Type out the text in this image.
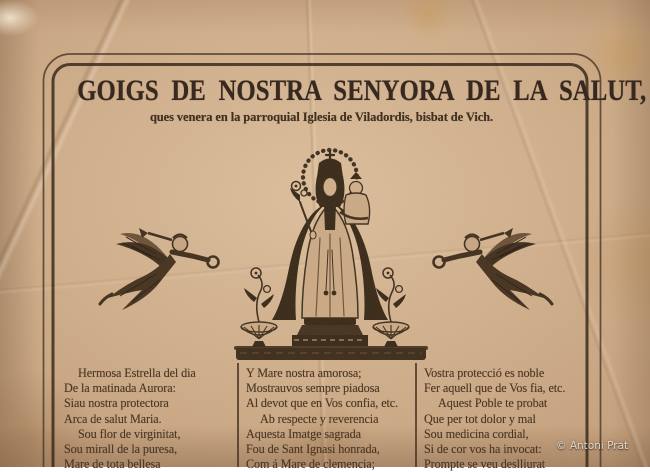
GOIGS DE NOSTRA SENYORA DE LA SALUT,

ques venera en la parroquial Iglesia de Viladordis, bisbat de Vich.

Hermosa Estrella del dia
De la matinada Aurora:
Siau nostra protectora
Arca de salut Maria.
Sou flor de virginitat,
Sou mirall de la puresa,
Mare de tota bellesa
Y Mare nostra amorosa;
Mostrauvos sempre piadosa
Al devot que en Vos confia, etc.
Ab respecte y reverencia
Aquesta Imatge sagrada
Fou de Sant Ignasi honrada,
Com á Mare de clemencia;
Vostra protecció es noble
Fer aquell que de Vos fia, etc.
Aquest Poble te probat
Que per tot dolor y mal
Sou medicina cordial,
Si de cor vos ha invocat:
Prompte se veu deslliurat
© Antoni Prat
